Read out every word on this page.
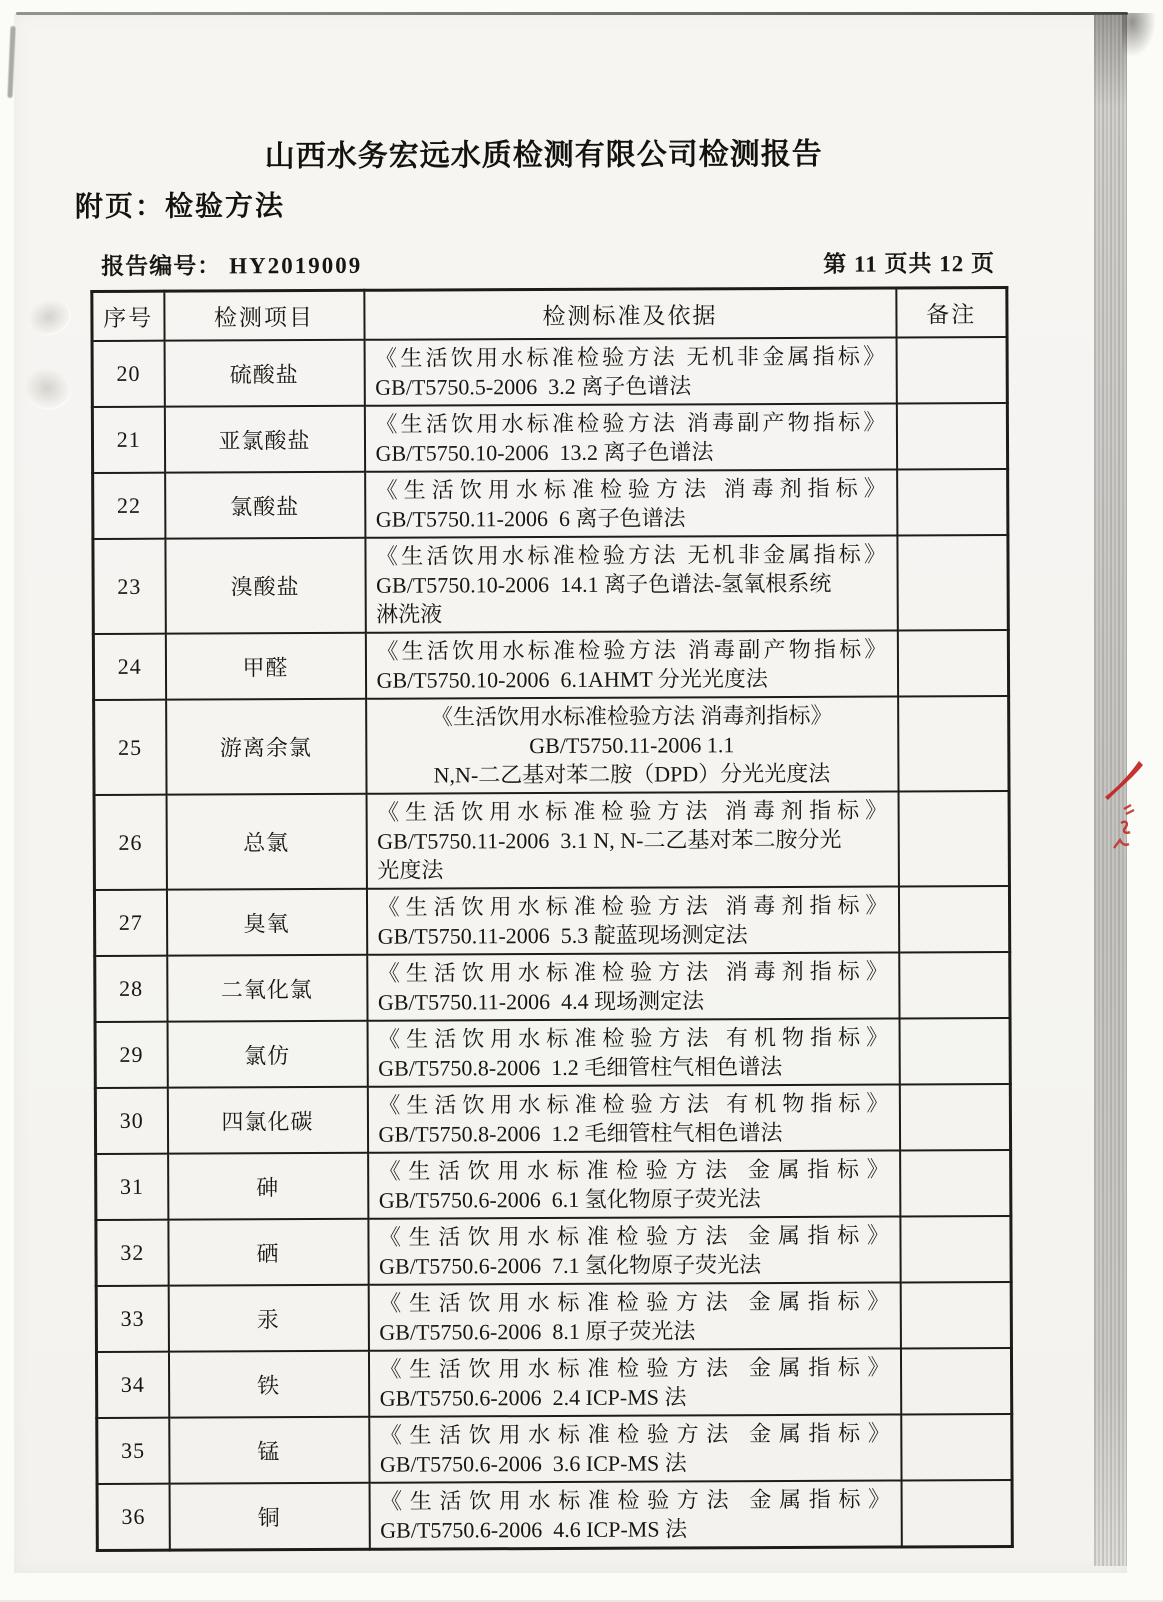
山西水务宏远水质检测有限公司检测报告
附页：检验方法
报告编号： HY2019009	第 11 页共 12 页
序号	检测项目	检测标准及依据	备注
20	硫酸盐	《生活饮用水标准检验方法 无机非金属指标》
GB/T5750.5-2006  3.2 离子色谱法	

21	亚氯酸盐	《生活饮用水标准检验方法 消毒副产物指标》
GB/T5750.10-2006  13.2 离子色谱法	

22	氯酸盐	《生活饮用水标准检验方法 消毒剂指标》
GB/T5750.11-2006  6 离子色谱法	

23	溴酸盐	《生活饮用水标准检验方法 无机非金属指标》
GB/T5750.10-2006  14.1 离子色谱法-氢氧根系统
淋洗液	

24	甲醛	《生活饮用水标准检验方法 消毒副产物指标》
GB/T5750.10-2006  6.1AHMT 分光光度法	

25	游离余氯	《生活饮用水标准检验方法 消毒剂指标》
GB/T5750.11-2006 1.1
N,N-二乙基对苯二胺（DPD）分光光度法	

26	总氯	《生活饮用水标准检验方法 消毒剂指标》
GB/T5750.11-2006  3.1 N, N-二乙基对苯二胺分光
光度法	

27	臭氧	《生活饮用水标准检验方法 消毒剂指标》
GB/T5750.11-2006  5.3 靛蓝现场测定法	

28	二氧化氯	《生活饮用水标准检验方法 消毒剂指标》
GB/T5750.11-2006  4.4 现场测定法	

29	氯仿	《生活饮用水标准检验方法 有机物指标》
GB/T5750.8-2006  1.2 毛细管柱气相色谱法	

30	四氯化碳	《生活饮用水标准检验方法 有机物指标》
GB/T5750.8-2006  1.2 毛细管柱气相色谱法	

31	砷	《生活饮用水标准检验方法 金属指标》
GB/T5750.6-2006  6.1 氢化物原子荧光法	

32	硒	《生活饮用水标准检验方法 金属指标》
GB/T5750.6-2006  7.1 氢化物原子荧光法	

33	汞	《生活饮用水标准检验方法 金属指标》
GB/T5750.6-2006  8.1 原子荧光法	

34	铁	《生活饮用水标准检验方法 金属指标》
GB/T5750.6-2006  2.4 ICP-MS 法	

35	锰	《生活饮用水标准检验方法 金属指标》
GB/T5750.6-2006  3.6 ICP-MS 法	

36	铜	《生活饮用水标准检验方法 金属指标》
GB/T5750.6-2006  4.6 ICP-MS 法	
